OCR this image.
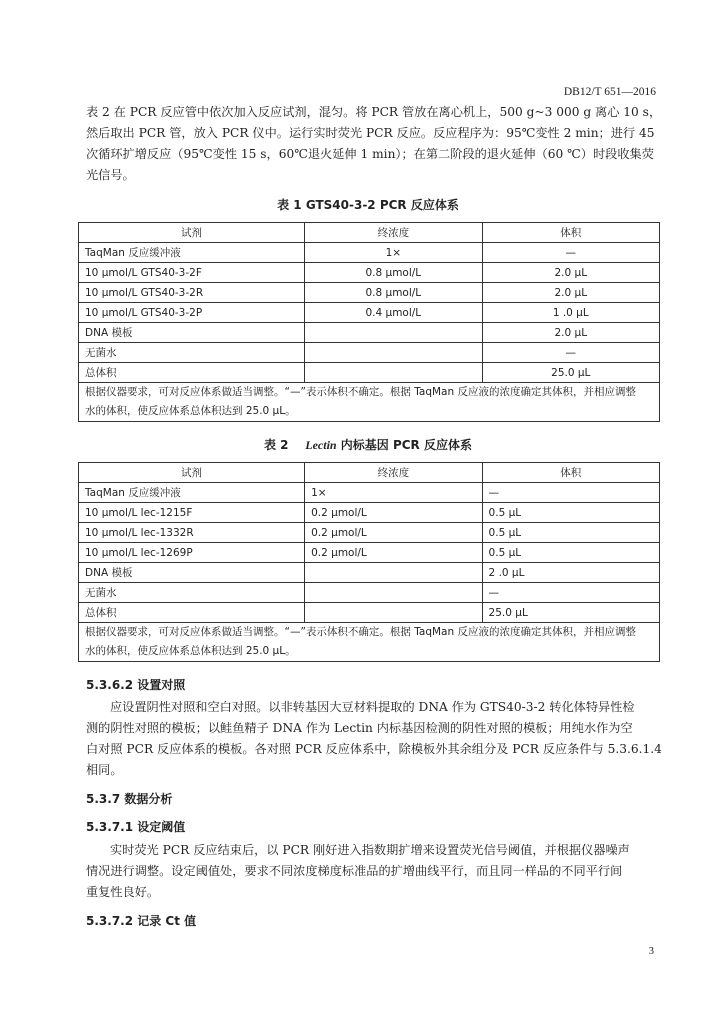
DB12/T 651—2016
表 2 在 PCR 反应管中依次加入反应试剂，混匀。将 PCR 管放在离心机上，500 g~3 000 g 离心 10 s，
然后取出 PCR 管，放入 PCR 仪中。运行实时荧光 PCR 反应。反应程序为：95℃变性 2 min；进行 45
次循环扩增反应（95℃变性 15 s，60℃退火延伸 1 min）；在第二阶段的退火延伸（60 ℃）时段收集荧
光信号。
表 1 GTS40-3-2 PCR 反应体系
试剂	终浓度	体积
TaqMan 反应缓冲液	1×	—
10 μmol/L GTS40-3-2F	0.8 μmol/L	2.0 μL
10 μmol/L GTS40-3-2R	0.8 μmol/L	2.0 μL
10 μmol/L GTS40-3-2P	0.4 μmol/L	1 .0 μL
DNA 模板		2.0 μL
无菌水		—
总体积		25.0 μL

根据仪器要求，可对反应体系做适当调整。“—”表示体积不确定。根据 TaqMan 反应液的浓度确定其体积，并相应调整
水的体积，使反应体系总体积达到 25.0 μL。		
表 2 Lectin 内标基因 PCR 反应体系
试剂	终浓度	体积
TaqMan 反应缓冲液	1×	—
10 μmol/L lec-1215F	0.2 μmol/L	0.5 μL
10 μmol/L lec-1332R	0.2 μmol/L	0.5 μL
10 μmol/L lec-1269P	0.2 μmol/L	0.5 μL
DNA 模板		2 .0 μL
无菌水		—
总体积		25.0 μL

根据仪器要求，可对反应体系做适当调整。“—”表示体积不确定。根据 TaqMan 反应液的浓度确定其体积，并相应调整
水的体积，使反应体系总体积达到 25.0 μL。		
5.3.6.2 设置对照
应设置阴性对照和空白对照。以非转基因大豆材料提取的 DNA 作为 GTS40-3-2 转化体特异性检
测的阴性对照的模板；以鲑鱼精子 DNA 作为 Lectin 内标基因检测的阴性对照的模板；用纯水作为空
白对照 PCR 反应体系的模板。各对照 PCR 反应体系中，除模板外其余组分及 PCR 反应条件与 5.3.6.1.4
相同。
5.3.7 数据分析
5.3.7.1 设定阈值
实时荧光 PCR 反应结束后，以 PCR 刚好进入指数期扩增来设置荧光信号阈值，并根据仪器噪声
情况进行调整。设定阈值处，要求不同浓度梯度标准品的扩增曲线平行，而且同一样品的不同平行间
重复性良好。
5.3.7.2 记录 Ct 值
3
